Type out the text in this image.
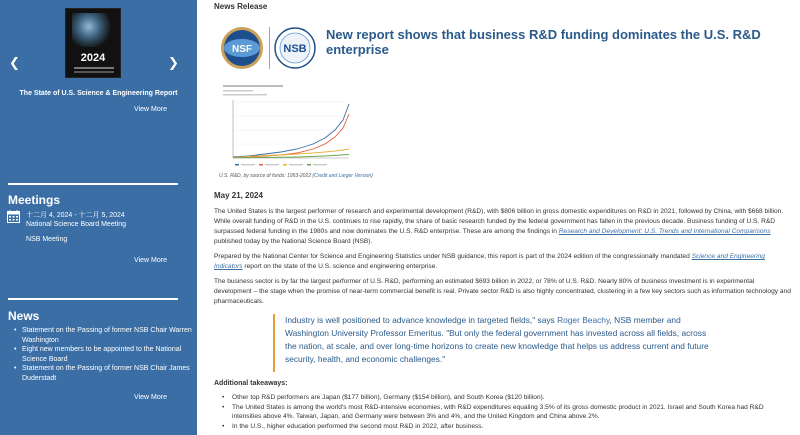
❮	2024	❯
The State of U.S. Science & Engineering Report
View More
Meetings
十二月 4, 2024 - 十二月 5, 2024
National Science Board Meeting
NSB Meeting
View More
News
• Statement on the Passing of former NSB Chair Warren Washington
• Eight new members to be appointed to the National Science Board
• Statement on the Passing of former NSB Chair James Duderstadt
View More
News Release
NSF	NSB
New report shows that business R&D funding dominates the U.S. R&D enterprise
U.S. R&D, by source of funds: 1953-2022 (Credit and Larger Version)
May 21, 2024

The United States is the largest performer of research and experimental development (R&D), with $806 billion in gross domestic expenditures on R&D in 2021, followed by China, with $668 billion. While overall funding of R&D in the U.S. continues to rise rapidly, the share of basic research funded by the federal government has fallen in the previous decade. Business funding of U.S. R&D surpassed federal funding in the 1980s and now dominates the U.S. R&D enterprise. These are among the findings in Research and Development: U.S. Trends and International Comparisons published today by the National Science Board (NSB).

Prepared by the National Center for Science and Engineering Statistics under NSB guidance, this report is part of the 2024 edition of the congressionally mandated Science and Engineering Indicators report on the state of the U.S. science and engineering enterprise.

The business sector is by far the largest performer of U.S. R&D, performing an estimated $693 billion in 2022, or 78% of U.S. R&D. Nearly 80% of business investment is in experimental development – the stage when the promise of near-term commercial benefit is real. Private sector R&D is also highly concentrated, clustering in a few key sectors such as information technology and pharmaceuticals.

Industry is well positioned to advance knowledge in targeted fields," says Roger Beachy, NSB member and Washington University Professor Emeritus. "But only the federal government has invested across all fields, across the nation, at scale, and over long-time horizons to create new knowledge that helps us address current and future security, health, and economic challenges."

Additional takeaways:
• Other top R&D performers are Japan ($177 billion), Germany ($154 billion), and South Korea ($120 billion).
• The United States is among the world's most R&D-intensive economies, with R&D expenditures equaling 3.5% of its gross domestic product in 2021. Israel and South Korea had R&D intensities above 4%. Taiwan, Japan, and Germany were between 3% and 4%, and the United Kingdom and China above 2%.
• In the U.S., higher education performed the second most R&D in 2022, after business.
